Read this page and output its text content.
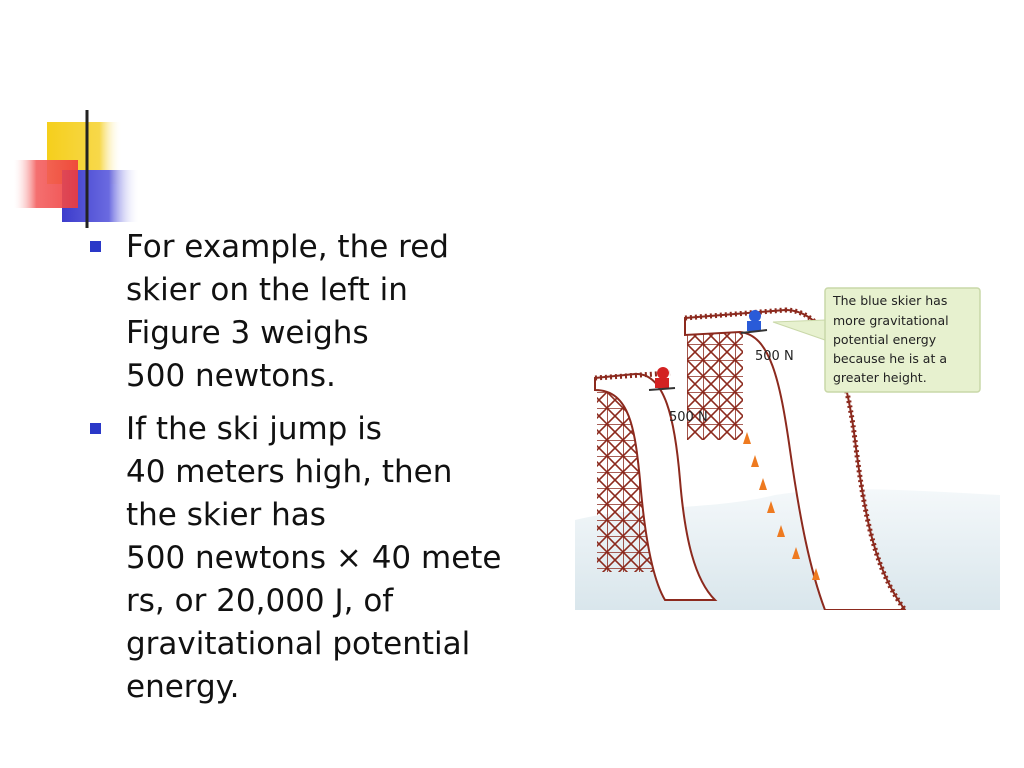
For example, the red
skier on the left in
Figure 3 weighs
500 newtons.
If the ski jump is
40 meters high, then
the skier has
500 newtons × 40 mete
rs, or 20,000 J, of
gravitational potential
energy.
500 N
500 N
The blue skier has
more gravitational
potential energy
because he is at a
greater height.
